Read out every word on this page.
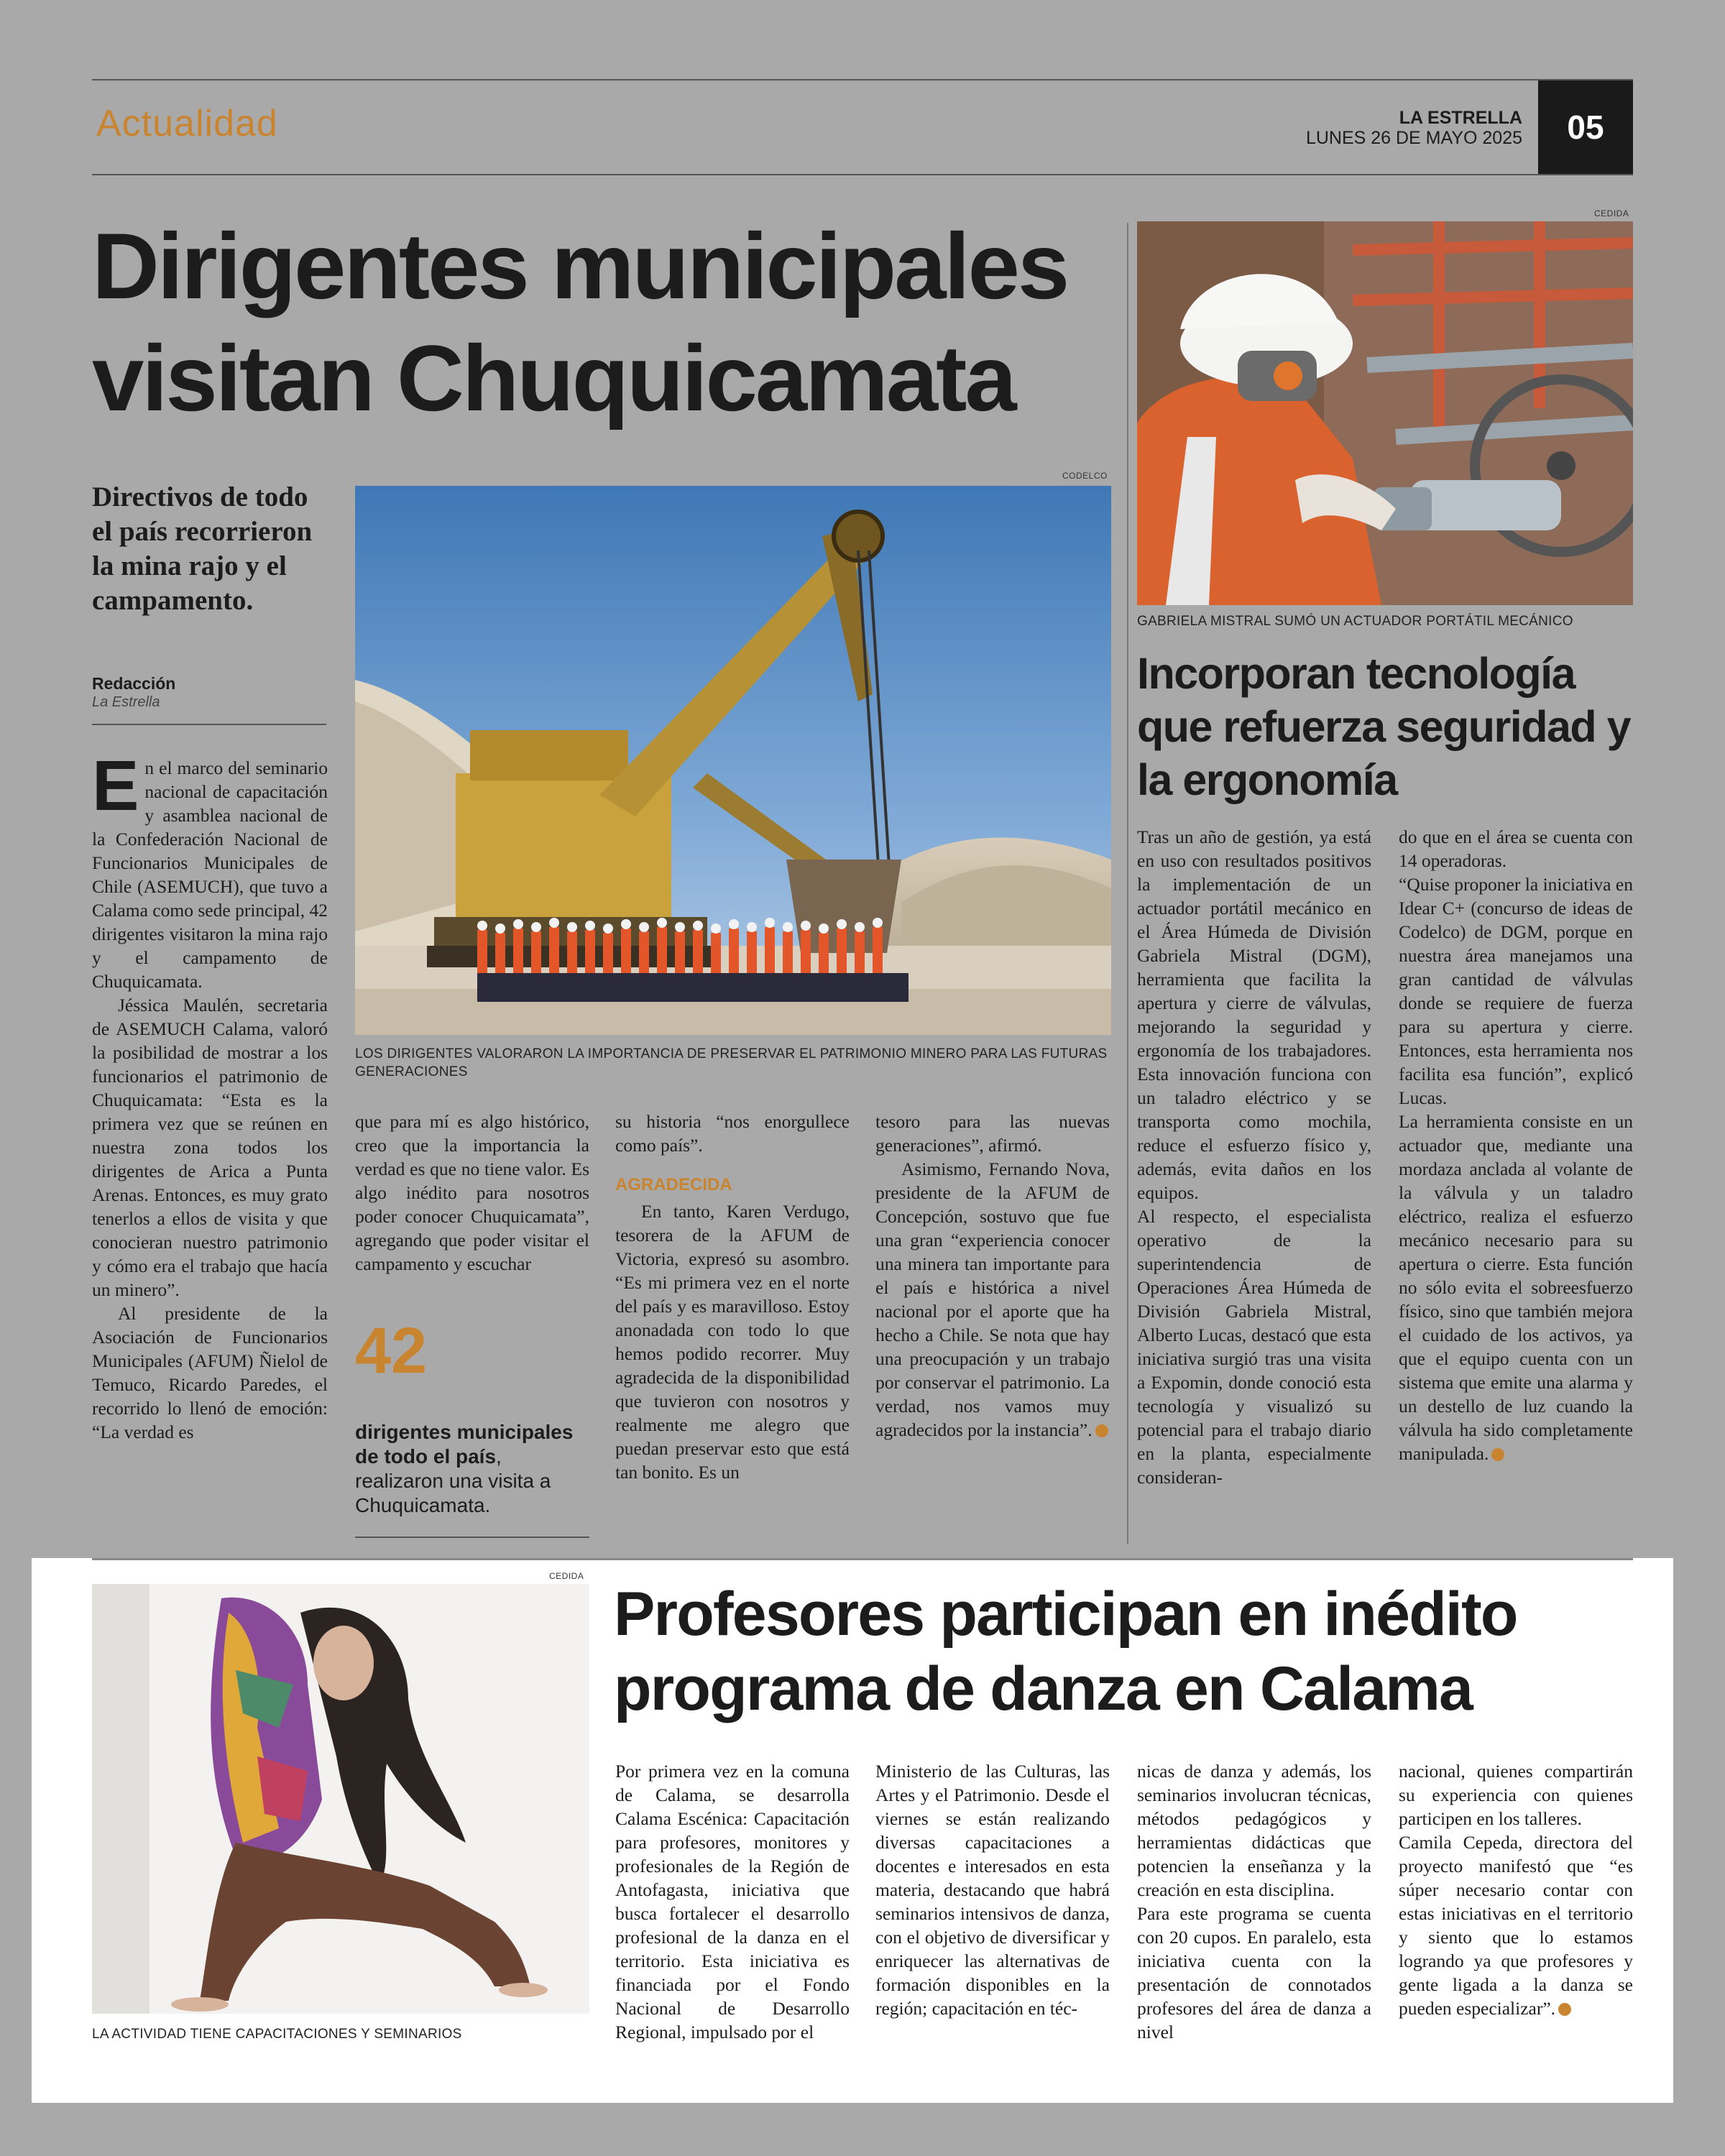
Actualidad	LA ESTRELLA
LUNES 26 DE MAYO 2025	05
Dirigentes municipales
visitan Chuquicamata
Directivos de todo el país recorrieron la mina rajo y el campamento.
Redacción
La Estrella
CODELCO
LOS DIRIGENTES VALORARON LA IMPORTANCIA DE PRESERVAR EL PATRIMONIO MINERO PARA LAS FUTURAS GENERACIONES

En el marco del seminario nacional de capacitación y asamblea nacional de la Confederación Nacional de Funcionarios Municipales de Chile (ASEMUCH), que tuvo a Calama como sede principal, 42 dirigentes visitaron la mina rajo y el campamento de Chuquicamata.

Jéssica Maulén, secretaria de ASEMUCH Calama, valoró la posibilidad de mostrar a los funcionarios el patrimonio de Chuquicamata: “Esta es la primera vez que se reúnen en nuestra zona todos los dirigentes de Arica a Punta Arenas. Entonces, es muy grato tenerlos a ellos de visita y que conocieran nuestro patrimonio y cómo era el trabajo que hacía un minero”.

Al presidente de la Asociación de Funcionarios Municipales (AFUM) Ñielol de Temuco, Ricardo Paredes, el recorrido lo llenó de emoción: “La verdad es

que para mí es algo histórico, creo que la importancia la verdad es que no tiene valor. Es algo inédito para nosotros poder conocer Chuquicamata”, agregando que poder visitar el campamento y escuchar

42
dirigentes municipales de todo el país, realizaron una visita a Chuquicamata.

su historia “nos enorgullece como país”.

AGRADECIDA

En tanto, Karen Verdugo, tesorera de la AFUM de Victoria, expresó su asombro. “Es mi primera vez en el norte del país y es maravilloso. Estoy anonadada con todo lo que hemos podido recorrer. Muy agradecida de la disponibilidad que tuvieron con nosotros y realmente me alegro que puedan preservar esto que está tan bonito. Es un

tesoro para las nuevas generaciones”, afirmó.

Asimismo, Fernando Nova, presidente de la AFUM de Concepción, sostuvo que fue una gran “experiencia conocer una minera tan importante para el país e histórica a nivel nacional por el aporte que ha hecho a Chile. Se nota que hay una preocupación y un trabajo por conservar el patrimonio. La verdad, nos vamos muy agradecidos por la instancia”.

CEDIDA
GABRIELA MISTRAL SUMÓ UN ACTUADOR PORTÁTIL MECÁNICO
Incorporan tecnología que refuerza seguridad y la ergonomía

Tras un año de gestión, ya está en uso con resultados positivos la implementación de un actuador portátil mecánico en el Área Húmeda de División Gabriela Mistral (DGM), herramienta que facilita la apertura y cierre de válvulas, mejorando la seguridad y ergonomía de los trabajadores. Esta innovación funciona con un taladro eléctrico y se transporta como mochila, reduce el esfuerzo físico y, además, evita daños en los equipos.

Al respecto, el especialista operativo de la superintendencia de Operaciones Área Húmeda de División Gabriela Mistral, Alberto Lucas, destacó que esta iniciativa surgió tras una visita a Expomin, donde conoció esta tecnología y visualizó su potencial para el trabajo diario en la planta, especialmente consideran-

do que en el área se cuenta con 14 operadoras.

“Quise proponer la iniciativa en Idear C+ (concurso de ideas de Codelco) de DGM, porque en nuestra área manejamos una gran cantidad de válvulas donde se requiere de fuerza para su apertura y cierre. Entonces, esta herramienta nos facilita esa función”, explicó Lucas.

La herramienta consiste en un actuador que, mediante una mordaza anclada al volante de la válvula y un taladro eléctrico, realiza el esfuerzo mecánico necesario para su apertura o cierre. Esta función no sólo evita el sobreesfuerzo físico, sino que también mejora el cuidado de los activos, ya que el equipo cuenta con un sistema que emite una alarma y un destello de luz cuando la válvula ha sido completamente manipulada.

CEDIDA
LA ACTIVIDAD TIENE CAPACITACIONES Y SEMINARIOS
Profesores participan en inédito
programa de danza en Calama

Por primera vez en la comuna de Calama, se desarrolla Calama Escénica: Capacitación para profesores, monitores y profesionales de la Región de Antofagasta, iniciativa que busca fortalecer el desarrollo profesional de la danza en el territorio. Esta iniciativa es financiada por el Fondo Nacional de Desarrollo Regional, impulsado por el

Ministerio de las Culturas, las Artes y el Patrimonio. Desde el viernes se están realizando diversas capacitaciones a docentes e interesados en esta materia, destacando que habrá seminarios intensivos de danza, con el objetivo de diversificar y enriquecer las alternativas de formación disponibles en la región; capacitación en téc-

nicas de danza y además, los seminarios involucran técnicas, métodos pedagógicos y herramientas didácticas que potencien la enseñanza y la creación en esta disciplina.

Para este programa se cuenta con 20 cupos. En paralelo, esta iniciativa cuenta con la presentación de connotados profesores del área de danza a nivel

nacional, quienes compartirán su experiencia con quienes participen en los talleres.

Camila Cepeda, directora del proyecto manifestó que “es súper necesario contar con estas iniciativas en el territorio y siento que lo estamos logrando ya que profesores y gente ligada a la danza se pueden especializar”.
